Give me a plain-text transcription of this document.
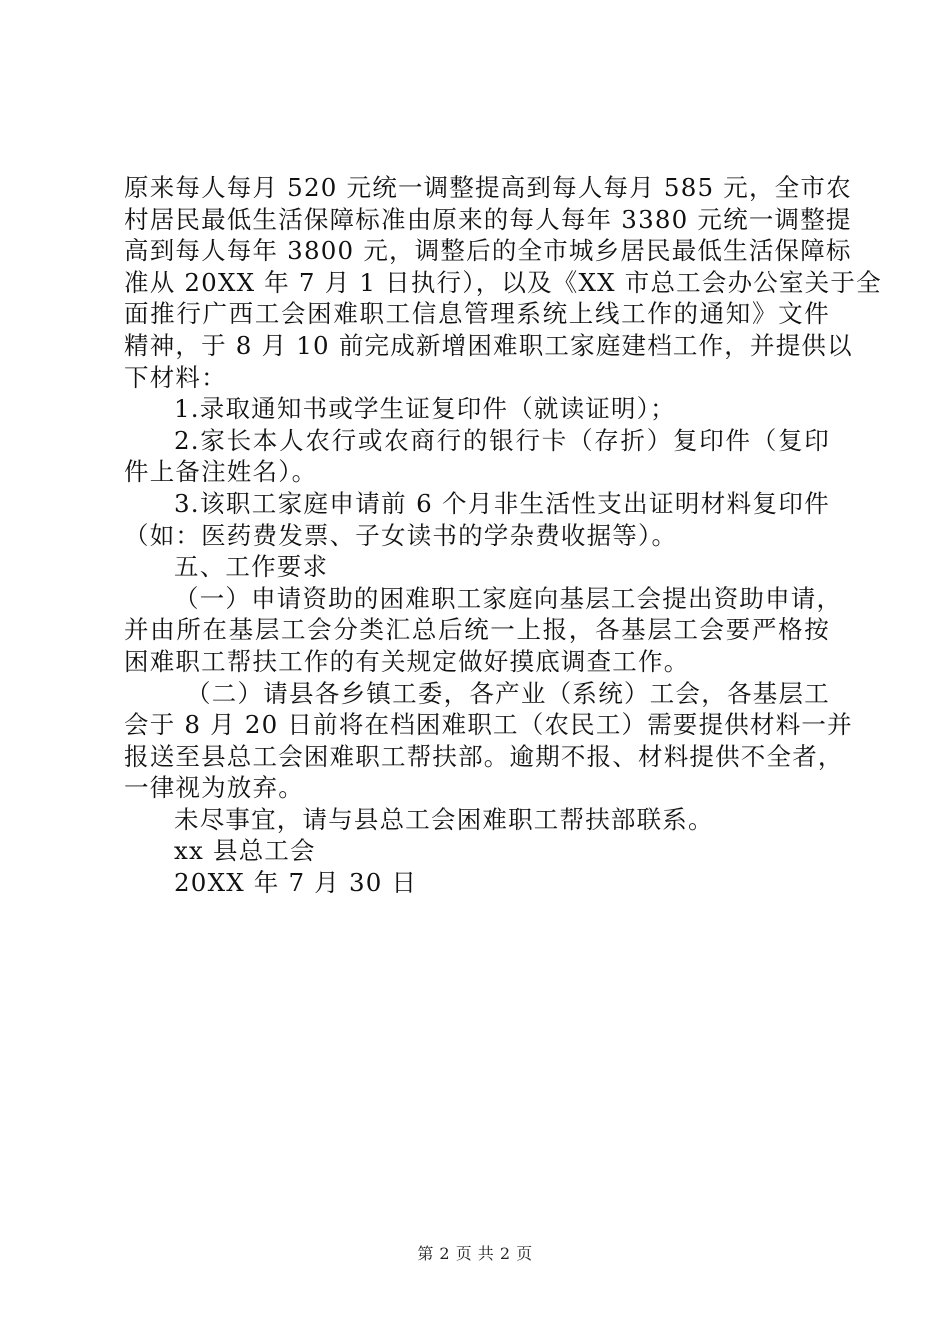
原来每人每月 520 元统一调整提高到每人每月 585 元，全市农
村居民最低生活保障标准由原来的每人每年 3380 元统一调整提
高到每人每年 3800 元，调整后的全市城乡居民最低生活保障标
准从 20XX 年 7 月 1 日执行），以及《XX 市总工会办公室关于全
面推行广西工会困难职工信息管理系统上线工作的通知》文件
精神，于 8 月 10 前完成新增困难职工家庭建档工作，并提供以
下材料：
1.录取通知书或学生证复印件（就读证明）；
2.家长本人农行或农商行的银行卡（存折）复印件（复印
件上备注姓名）。
3.该职工家庭申请前 6 个月非生活性支出证明材料复印件
（如：医药费发票、子女读书的学杂费收据等）。
五、工作要求
（一）申请资助的困难职工家庭向基层工会提出资助申请，
并由所在基层工会分类汇总后统一上报，各基层工会要严格按
困难职工帮扶工作的有关规定做好摸底调查工作。
（二）请县各乡镇工委，各产业（系统）工会，各基层工
会于 8 月 20 日前将在档困难职工（农民工）需要提供材料一并
报送至县总工会困难职工帮扶部。逾期不报、材料提供不全者，
一律视为放弃。
未尽事宜，请与县总工会困难职工帮扶部联系。
xx 县总工会
20XX 年 7 月 30 日
第 2 页 共 2 页
